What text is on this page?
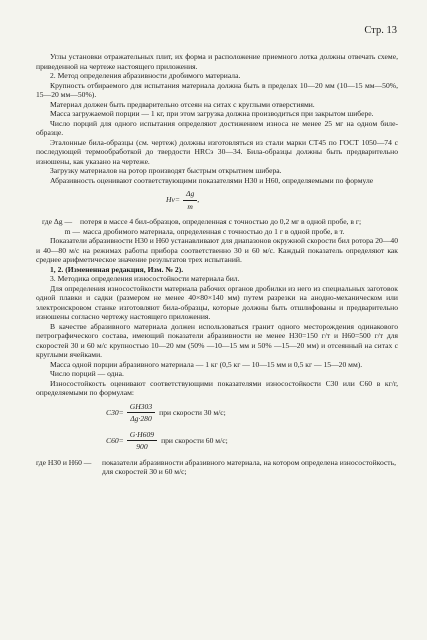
Стр. 13

Углы установки отражательных плит, их форма и расположение приемного лотка должны отвечать схеме, приведенной на чертеже настоящего приложения.

2. Метод определения абразивности дробимого материала.

Крупность отбираемого для испытания материала должна быть в пределах 10—20 мм (10—15 мм—50%, 15—20 мм—50%).

Материал должен быть предварительно отсеян на ситах с круглыми отверстиями.

Масса загружаемой порции — 1 кг, при этом загрузка должна производиться при закрытом шибере.

Число порций для одного испытания определяют достижением износа не менее 25 мг на одном биле-образце.

Эталонные била-образцы (см. чертеж) должны изготовляться из стали марки СТ45 по ГОСТ 1050—74 с последующей термообработкой до твердости HRCэ 30—34. Била-образцы должны быть предварительно изношены, как указано на чертеже.

Загрузку материалов на ротор производят быстрым открытием шибера.

Абразивность оценивают соответствующими показателями Н30 и Н60, определяемыми по формуле

$Нv= \frac{\Delta g}{m}$ ,
где Δg —	потеря в массе 4 бил-образцов, определенная с точностью до 0,2 мг в одной пробе, в г;
m — масса дробимого материала, определенная с точностью до 1 г в одной пробе, в т.

Показатели абразивности Н30 и Н60 устанавливают для диапазонов окружной скорости бил ротора 20—40 и 40—80 м/с на режимах работы прибора соответственно 30 и 60 м/с. Каждый показатель определяют как среднее арифметическое значение результатов трех испытаний.

1, 2. (Измененная редакция, Изм. № 2).

3. Методика определения износостойкости материала бил.

Для определения износостойкости материала рабочих органов дробилки из него из специальных заготовок одной плавки и садки (размером не менее 40×80×140 мм) путем разрезки на анодно-механическом или электроискровом станке изготовляют била-образцы, которые должны быть отшлифованы и предварительно изношены согласно чертежу настоящего приложения.

В качестве абразивного материала должен использоваться гранит одного месторождения одинакового петрографического состава, имеющий показатели абразивности не менее Н30=150 г/т и Н60=500 г/т для скоростей 30 и 60 м/с крупностью 10—20 мм (50% —10—15 мм и 50% —15—20 мм) и отсеянный на ситах с круглыми ячейками.

Масса одной порции абразивного материала — 1 кг (0,5 кг — 10—15 мм и 0,5 кг — 15—20 мм).

Число порций — одна.

Износостойкость оценивают соответствующими показателями износостойкости С30 или С60 в кг/г, определяемыми по формулам:

$С30= \frac{GH303}{\Delta g\cdot 280}$ при скорости 30 м/с;
$С60= \frac{G\cdot H609}{900}$ при скорости 60 м/с;
где Н30 и Н60 —	показатели абразивности абразивного материала, на котором определена износостойкость, для скоростей 30 и 60 м/с;
